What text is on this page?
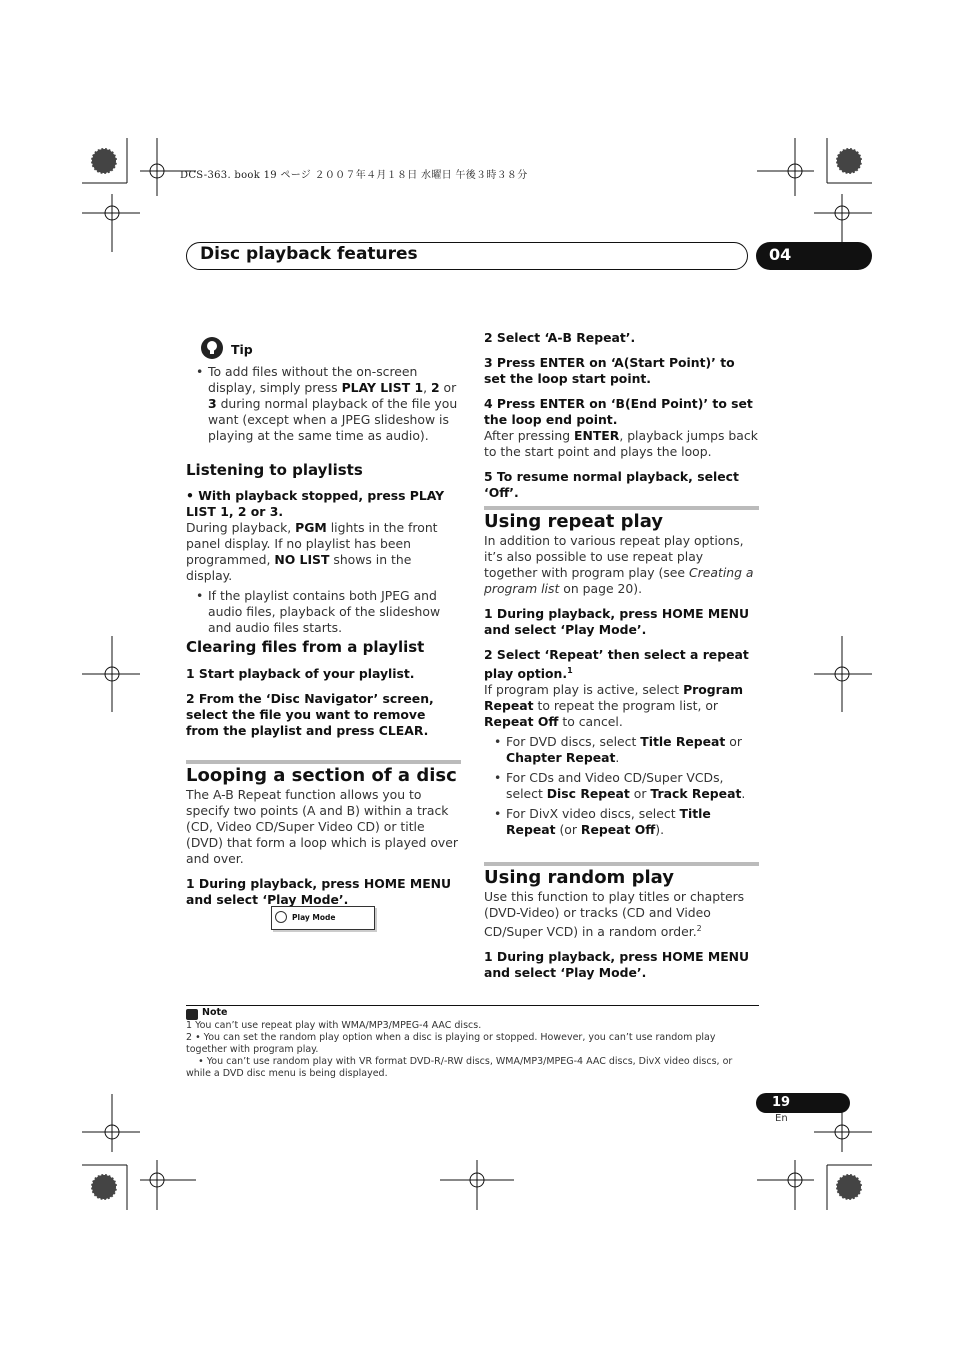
DCS-363. book 19 ページ ２００７年４月１８日 水曜日 午後３時３８分
Disc playback features	04
Tip

• To add files without the on-screen display, simply press PLAY LIST 1, 2 or 3 during normal playback of the file you want (except when a JPEG slideshow is playing at the same time as audio).

Listening to playlists

• With playback stopped, press PLAY LIST 1, 2 or 3.

During playback, PGM lights in the front panel display. If no playlist has been programmed, NO LIST shows in the display.

• If the playlist contains both JPEG and audio files, playback of the slideshow and audio files starts.

Clearing files from a playlist

1 Start playback of your playlist.

2 From the ‘Disc Navigator’ screen, select the file you want to remove from the playlist and press CLEAR.

Looping a section of a disc

The A-B Repeat function allows you to specify two points (A and B) within a track (CD, Video CD/Super Video CD) or title (DVD) that form a loop which is played over and over.

1 During playback, press HOME MENU and select ‘Play Mode’.

Play Mode

2 Select ‘A-B Repeat’.

3 Press ENTER on ‘A(Start Point)’ to set the loop start point.

4 Press ENTER on ‘B(End Point)’ to set the loop end point.

After pressing ENTER, playback jumps back to the start point and plays the loop.

5 To resume normal playback, select ‘Off’.

Using repeat play

In addition to various repeat play options, it’s also possible to use repeat play together with program play (see Creating a program list on page 20).

1 During playback, press HOME MENU and select ‘Play Mode’.

2 Select ‘Repeat’ then select a repeat play option.$^1$

If program play is active, select Program Repeat to repeat the program list, or Repeat Off to cancel.

• For DVD discs, select Title Repeat or Chapter Repeat.

• For CDs and Video CD/Super VCDs, select Disc Repeat or Track Repeat.

• For DivX video discs, select Title Repeat (or Repeat Off).

Using random play

Use this function to play titles or chapters (DVD-Video) or tracks (CD and Video CD/Super VCD) in a random order.$^2$

1 During playback, press HOME MENU and select ‘Play Mode’.

Note

1 You can’t use repeat play with WMA/MP3/MPEG-4 AAC discs.

2 • You can set the random play option when a disc is playing or stopped. However, you can’t use random play together with program play.

• You can’t use random play with VR format DVD-R/-RW discs, WMA/MP3/MPEG-4 AAC discs, DivX video discs, or while a DVD disc menu is being displayed.

19
En
